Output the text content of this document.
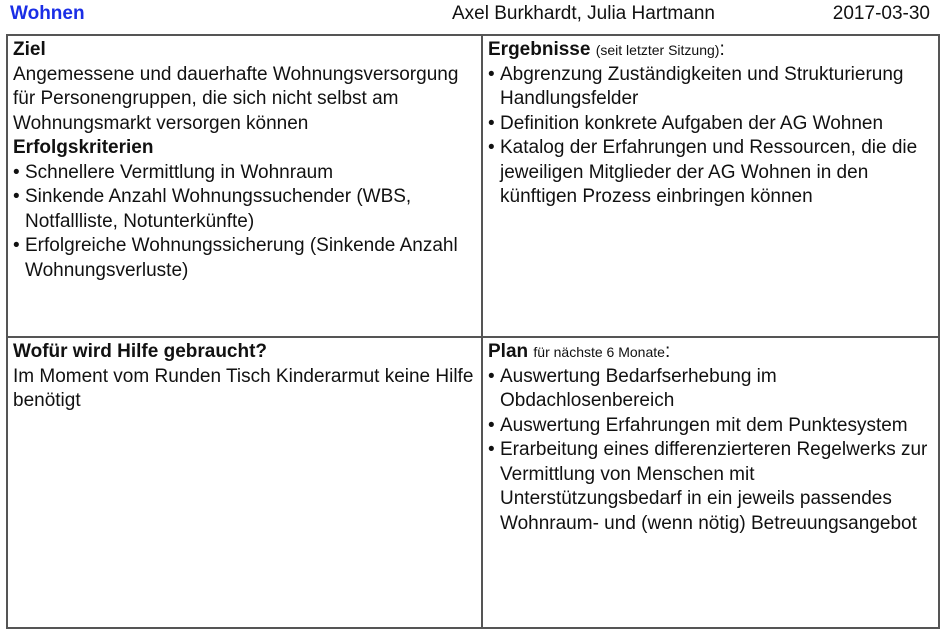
Wohnen	Axel Burkhardt, Julia Hartmann	2017-03-30
Ziel

Angemessene und dauerhafte Wohnungsversorgung für Personengruppen, die sich nicht selbst am Wohnungsmarkt versorgen können

Erfolgskriterien
• Schnellere Vermittlung in Wohnraum
• Sinkende Anzahl Wohnungssuchender (WBS, Notfallliste, Notunterkünfte)
• Erfolgreiche Wohnungssicherung (Sinkende Anzahl Wohnungsverluste)
Ergebnisse (seit letzter Sitzung):
• Abgrenzung Zuständigkeiten und Strukturierung Handlungsfelder
• Definition konkrete Aufgaben der AG Wohnen
• Katalog der Erfahrungen und Ressourcen, die die jeweiligen Mitglieder der AG Wohnen in den künftigen Prozess einbringen können
Wofür wird Hilfe gebraucht?

Im Moment vom Runden Tisch Kinderarmut keine Hilfe benötigt

Plan für nächste 6 Monate:
• Auswertung Bedarfserhebung im Obdachlosenbereich
• Auswertung Erfahrungen mit dem Punktesystem
• Erarbeitung eines differenzierteren Regelwerks zur Vermittlung von Menschen mit Unterstützungsbedarf in ein jeweils passendes Wohnraum- und (wenn nötig) Betreuungsangebot
